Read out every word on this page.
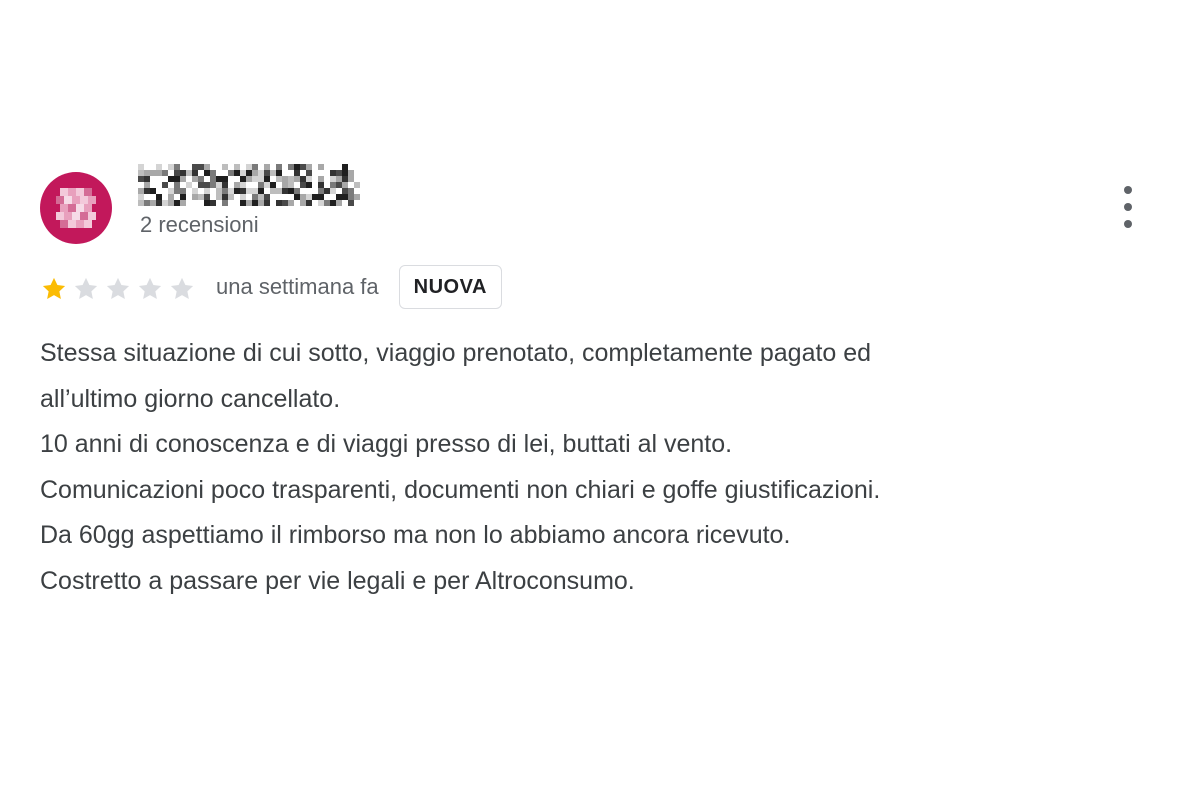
2 recensioni
una settimana fa	NUOVA
Stessa situazione di cui sotto, viaggio prenotato, completamente pagato ed
all’ultimo giorno cancellato.
10 anni di conoscenza e di viaggi presso di lei, buttati al vento.
Comunicazioni poco trasparenti, documenti non chiari e goffe giustificazioni.
Da 60gg aspettiamo il rimborso ma non lo abbiamo ancora ricevuto.
Costretto a passare per vie legali e per Altroconsumo.
